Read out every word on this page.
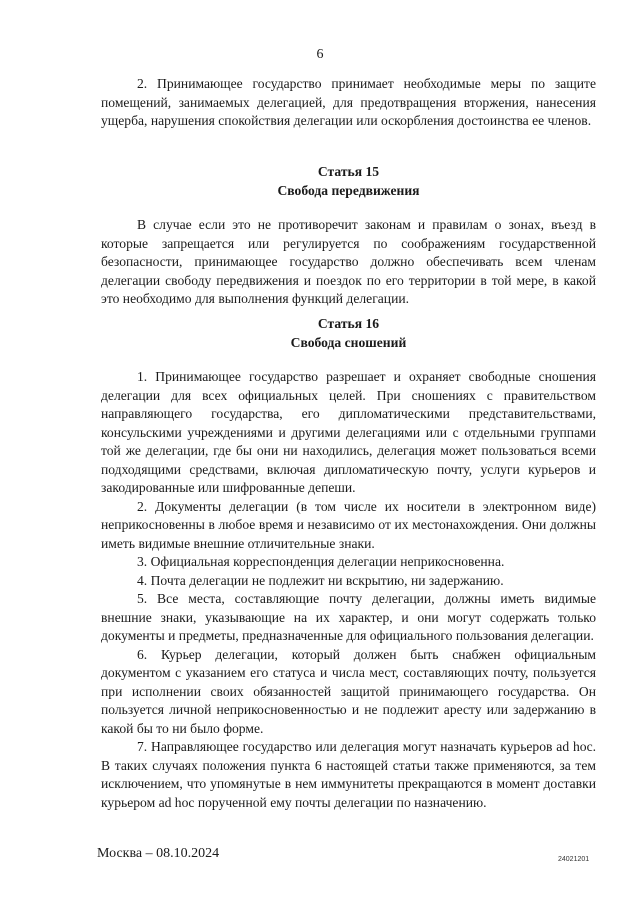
6

2. Принимающее государство принимает необходимые меры по защите помещений, занимаемых делегацией, для предотвращения вторжения, нанесения ущерба, нарушения спокойствия делегации или оскорбления достоинства ее членов.

Статья 15

Свобода передвижения

В случае если это не противоречит законам и правилам о зонах, въезд в которые запрещается или регулируется по соображениям государственной безопасности, принимающее государство должно обеспечивать всем членам делегации свободу передвижения и поездок по его территории в той мере, в какой это необходимо для выполнения функций делегации.

Статья 16

Свобода сношений

1. Принимающее государство разрешает и охраняет свободные сношения делегации для всех официальных целей. При сношениях с правительством направляющего государства, его дипломатическими представительствами, консульскими учреждениями и другими делегациями или с отдельными группами той же делегации, где бы они ни находились, делегация может пользоваться всеми подходящими средствами, включая дипломатическую почту, услуги курьеров и закодированные или шифрованные депеши.

2. Документы делегации (в том числе их носители в электронном виде) неприкосновенны в любое время и независимо от их местонахождения. Они должны иметь видимые внешние отличительные знаки.

3. Официальная корреспонденция делегации неприкосновенна.

4. Почта делегации не подлежит ни вскрытию, ни задержанию.

5. Все места, составляющие почту делегации, должны иметь видимые внешние знаки, указывающие на их характер, и они могут содержать только документы и предметы, предназначенные для официального пользования делегации.

6. Курьер делегации, который должен быть снабжен официальным документом с указанием его статуса и числа мест, составляющих почту, пользуется при исполнении своих обязанностей защитой принимающего государства. Он пользуется личной неприкосновенностью и не подлежит аресту или задержанию в какой бы то ни было форме.

7. Направляющее государство или делегация могут назначать курьеров ad hoc. В таких случаях положения пункта 6 настоящей статьи также применяются, за тем исключением, что упомянутые в нем иммунитеты прекращаются в момент доставки курьером ad hoc порученной ему почты делегации по назначению.

Москва – 08.10.2024	24021201
